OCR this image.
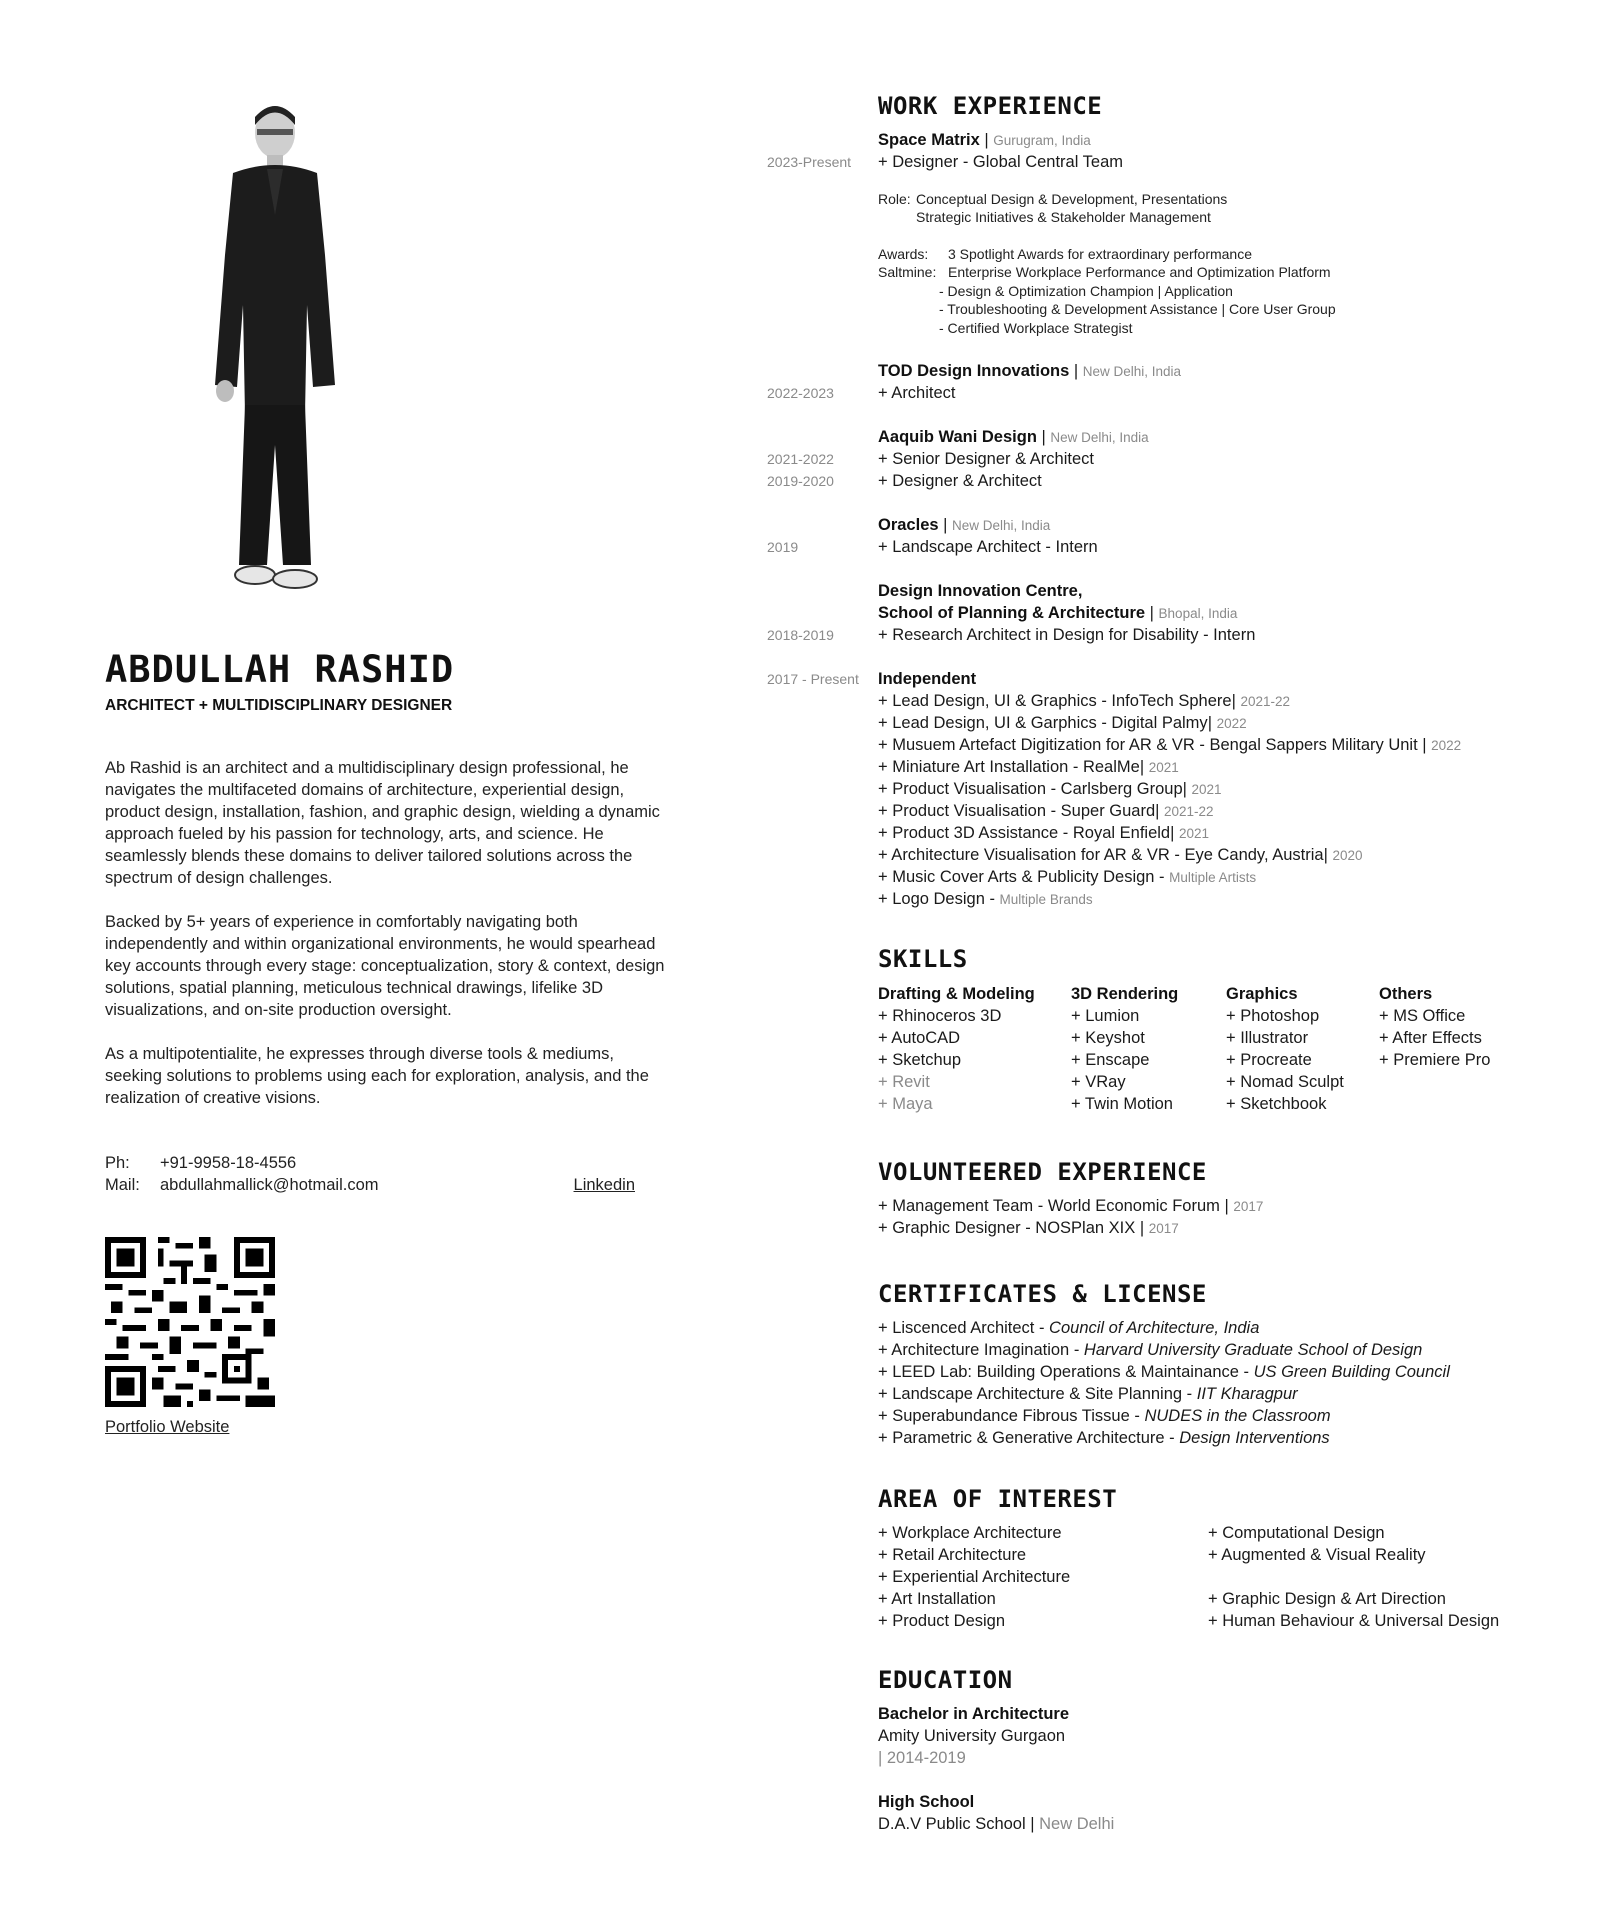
ABDULLAH RASHID
ARCHITECT + MULTIDISCIPLINARY DESIGNER

Ab Rashid is an architect and a multidisciplinary design professional, he navigates the multifaceted domains of architecture, experiential design, product design, installation, fashion, and graphic design, wielding a dynamic approach fueled by his passion for technology, arts, and science. He seamlessly blends these domains to deliver tailored solutions across the spectrum of design challenges.

Backed by 5+ years of experience in comfortably navigating both independently and within organizational environments, he would spearhead key accounts through every stage: conceptualization, story & context, design solutions, spatial planning, meticulous technical drawings, lifelike 3D visualizations, and on-site production oversight.

As a multipotentialite, he expresses through diverse tools & mediums, seeking solutions to problems using each for exploration, analysis, and the realization of creative visions.

Ph: +91-9958-18-4556
Mail: abdullahmallick@hotmail.com	Linkedin
Portfolio Website
WORK EXPERIENCE
Space Matrix | Gurugram, India
2023-Present + Designer - Global Central Team
Role: Conceptual Design & Development, Presentations
Strategic Initiatives & Stakeholder Management
Awards: 3 Spotlight Awards for extraordinary performance
Saltmine: Enterprise Workplace Performance and Optimization Platform
- Design & Optimization Champion | Application
- Troubleshooting & Development Assistance | Core User Group
- Certified Workplace Strategist
TOD Design Innovations | New Delhi, India
2022-2023	+ Architect
Aaquib Wani Design | New Delhi, India
2021-2022	+ Senior Designer & Architect
2019-2020	+ Designer & Architect
Oracles | New Delhi, India
2019	+ Landscape Architect - Intern
Design Innovation Centre,
School of Planning & Architecture | Bhopal, India
2018-2019	+ Research Architect in Design for Disability - Intern
2017 - Present Independent
+ Lead Design, UI & Graphics - InfoTech Sphere| 2021-22
+ Lead Design, UI & Garphics - Digital Palmy| 2022
+ Musuem Artefact Digitization for AR & VR - Bengal Sappers Military Unit | 2022
+ Miniature Art Installation - RealMe| 2021
+ Product Visualisation - Carlsberg Group| 2021
+ Product Visualisation - Super Guard| 2021-22
+ Product 3D Assistance - Royal Enfield| 2021
+ Architecture Visualisation for AR & VR - Eye Candy, Austria| 2020
+ Music Cover Arts & Publicity Design - Multiple Artists
+ Logo Design - Multiple Brands
SKILLS
Drafting & Modeling
+ Rhinoceros 3D
+ AutoCAD
+ Sketchup
+ Revit
+ Maya
3D Rendering
+ Lumion
+ Keyshot
+ Enscape
+ VRay
+ Twin Motion
Graphics
+ Photoshop
+ Illustrator
+ Procreate
+ Nomad Sculpt
+ Sketchbook
Others
+ MS Office
+ After Effects
+ Premiere Pro
VOLUNTEERED EXPERIENCE
+ Management Team - World Economic Forum | 2017
+ Graphic Designer - NOSPlan XIX | 2017
CERTIFICATES & LICENSE
+ Liscenced Architect - Council of Architecture, India
+ Architecture Imagination - Harvard University Graduate School of Design
+ LEED Lab: Building Operations & Maintainance - US Green Building Council
+ Landscape Architecture & Site Planning - IIT Kharagpur
+ Superabundance Fibrous Tissue - NUDES in the Classroom
+ Parametric & Generative Architecture - Design Interventions
AREA OF INTEREST
+ Workplace Architecture
+ Retail Architecture
+ Experiential Architecture
+ Art Installation
+ Product Design
+ Computational Design
+ Augmented & Visual Reality
+ Graphic Design & Art Direction
+ Human Behaviour & Universal Design
EDUCATION
Bachelor in Architecture
Amity University Gurgaon
| 2014-2019
High School
D.A.V Public School | New Delhi
